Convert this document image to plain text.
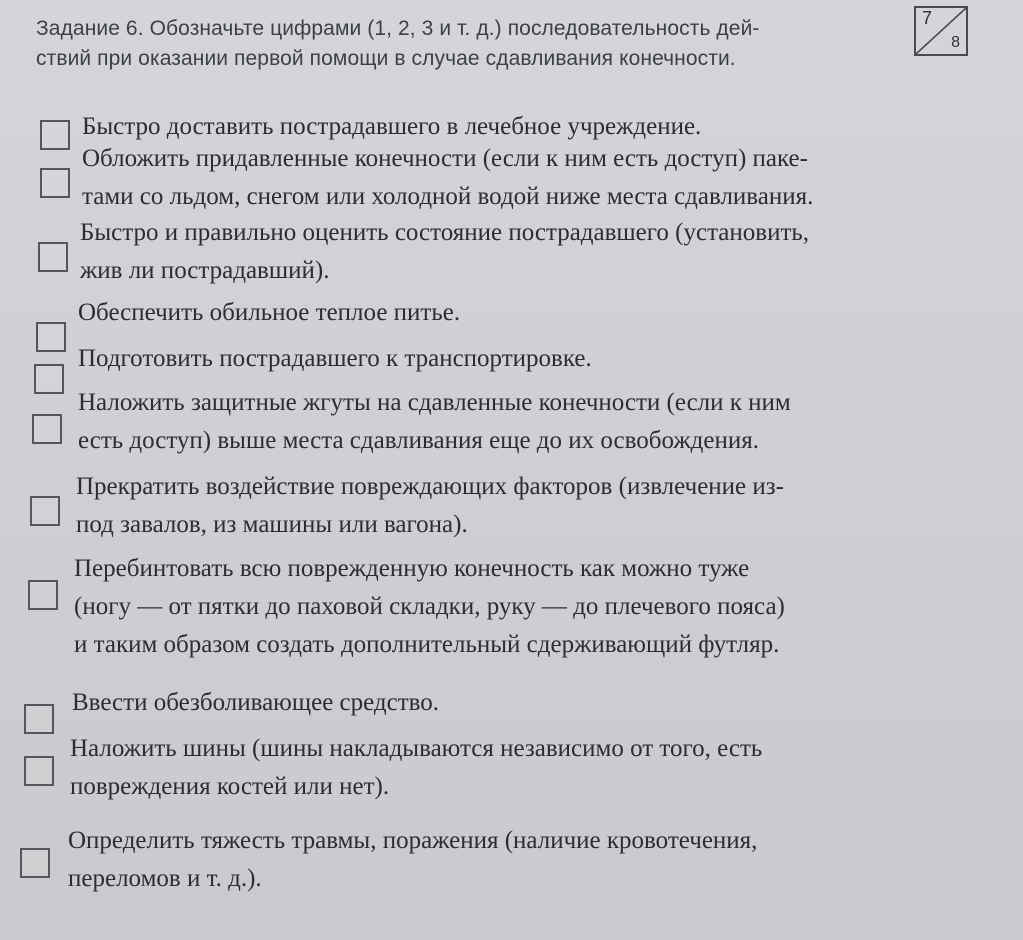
Задание 6. Обозначьте цифрами (1, 2, 3 и т. д.) последовательность дей-
ствий при оказании первой помощи в случае сдавливания конечности.
7
8
Быстро доставить пострадавшего в лечебное учреждение.
Обложить придавленные конечности (если к ним есть доступ) паке-
тами со льдом, снегом или холодной водой ниже места сдавливания.
Быстро и правильно оценить состояние пострадавшего (установить,
жив ли пострадавший).
Обеспечить обильное теплое питье.
Подготовить пострадавшего к транспортировке.
Наложить защитные жгуты на сдавленные конечности (если к ним
есть доступ) выше места сдавливания еще до их освобождения.
Прекратить воздействие повреждающих факторов (извлечение из-
под завалов, из машины или вагона).
Перебинтовать всю поврежденную конечность как можно туже
(ногу — от пятки до паховой складки, руку — до плечевого пояса)
и таким образом создать дополнительный сдерживающий футляр.
Ввести обезболивающее средство.
Наложить шины (шины накладываются независимо от того, есть
повреждения костей или нет).
Определить тяжесть травмы, поражения (наличие кровотечения,
переломов и т. д.).
